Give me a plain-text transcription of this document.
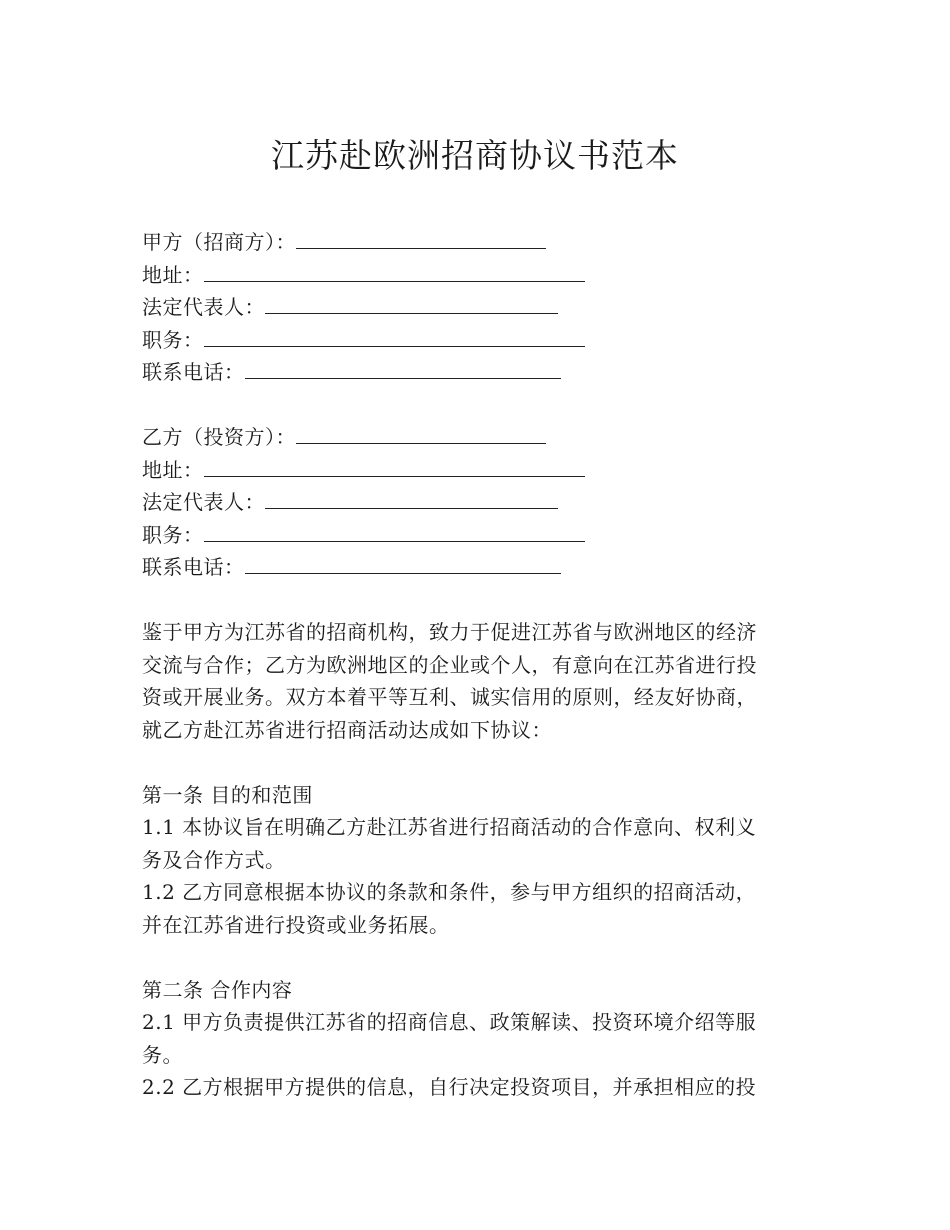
江苏赴欧洲招商协议书范本
甲方（招商方）：
地址：
法定代表人：
职务：
联系电话：
乙方（投资方）：
地址：
法定代表人：
职务：
联系电话：
鉴于甲方为江苏省的招商机构，致力于促进江苏省与欧洲地区的经济
交流与合作；乙方为欧洲地区的企业或个人，有意向在江苏省进行投
资或开展业务。双方本着平等互利、诚实信用的原则，经友好协商，
就乙方赴江苏省进行招商活动达成如下协议：
第一条 目的和范围
1.1 本协议旨在明确乙方赴江苏省进行招商活动的合作意向、权利义
务及合作方式。
1.2 乙方同意根据本协议的条款和条件，参与甲方组织的招商活动，
并在江苏省进行投资或业务拓展。
第二条 合作内容
2.1 甲方负责提供江苏省的招商信息、政策解读、投资环境介绍等服
务。
2.2 乙方根据甲方提供的信息，自行决定投资项目，并承担相应的投
